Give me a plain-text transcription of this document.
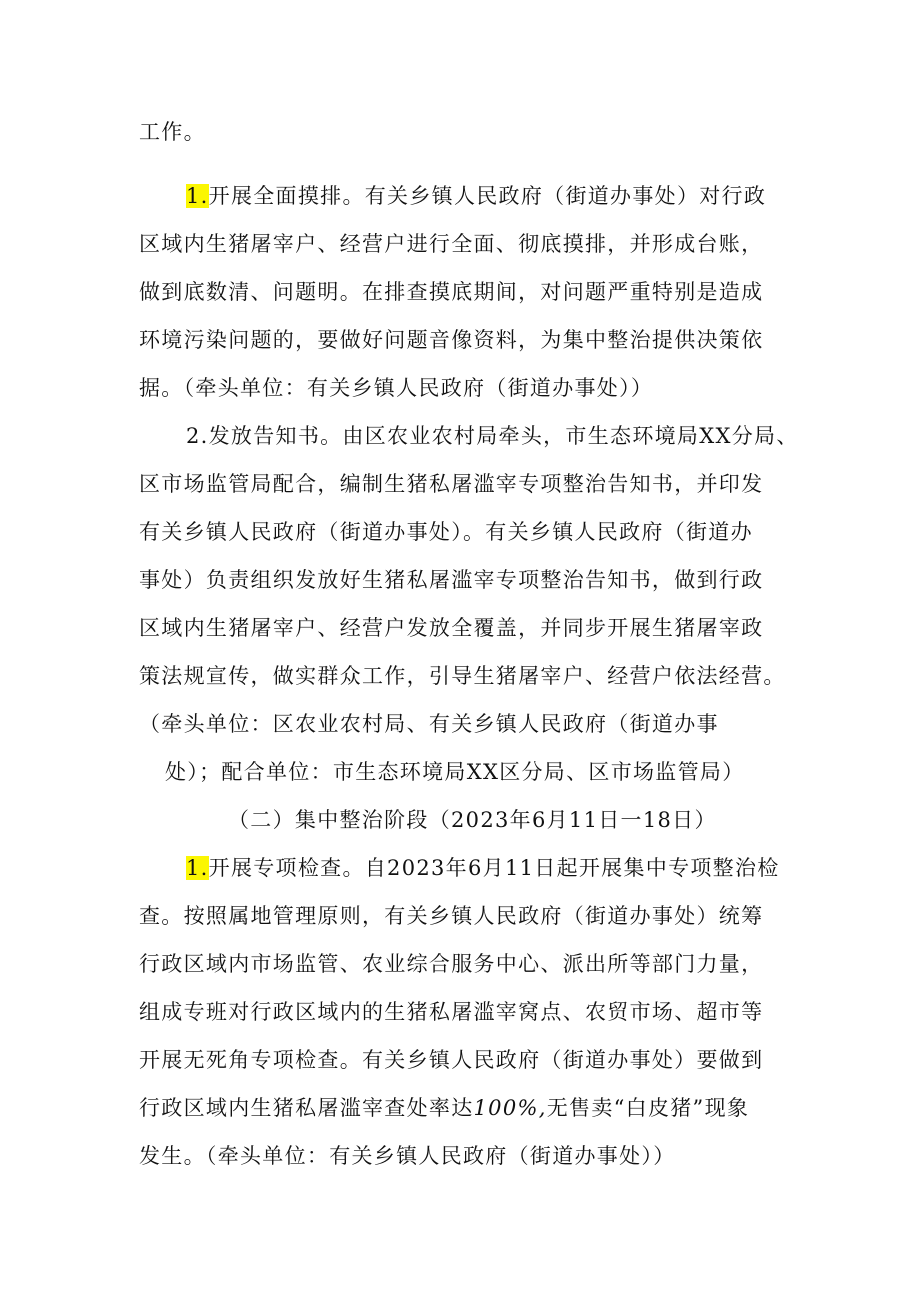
工作。
1.开展全面摸排。有关乡镇人民政府（街道办事处）对行政
区域内生猪屠宰户、经营户进行全面、彻底摸排，并形成台账，
做到底数清、问题明。在排查摸底期间，对问题严重特别是造成
环境污染问题的，要做好问题音像资料，为集中整治提供决策依
据。（牵头单位：有关乡镇人民政府（街道办事处））
2.发放告知书。由区农业农村局牵头，市生态环境局XX分局、
区市场监管局配合，编制生猪私屠滥宰专项整治告知书，并印发
有关乡镇人民政府（街道办事处）。有关乡镇人民政府（街道办
事处）负责组织发放好生猪私屠滥宰专项整治告知书，做到行政
区域内生猪屠宰户、经营户发放全覆盖，并同步开展生猪屠宰政
策法规宣传，做实群众工作，引导生猪屠宰户、经营户依法经营。
（牵头单位：区农业农村局、有关乡镇人民政府（街道办事
处）；配合单位：市生态环境局XX区分局、区市场监管局）
（二）集中整治阶段（2023年6月11日一18日）
1.开展专项检查。自2023年6月11日起开展集中专项整治检
查。按照属地管理原则，有关乡镇人民政府（街道办事处）统筹
行政区域内市场监管、农业综合服务中心、派出所等部门力量，
组成专班对行政区域内的生猪私屠滥宰窝点、农贸市场、超市等
开展无死角专项检查。有关乡镇人民政府（街道办事处）要做到
行政区域内生猪私屠滥宰查处率达100%,无售卖“白皮猪”现象
发生。（牵头单位：有关乡镇人民政府（街道办事处））
